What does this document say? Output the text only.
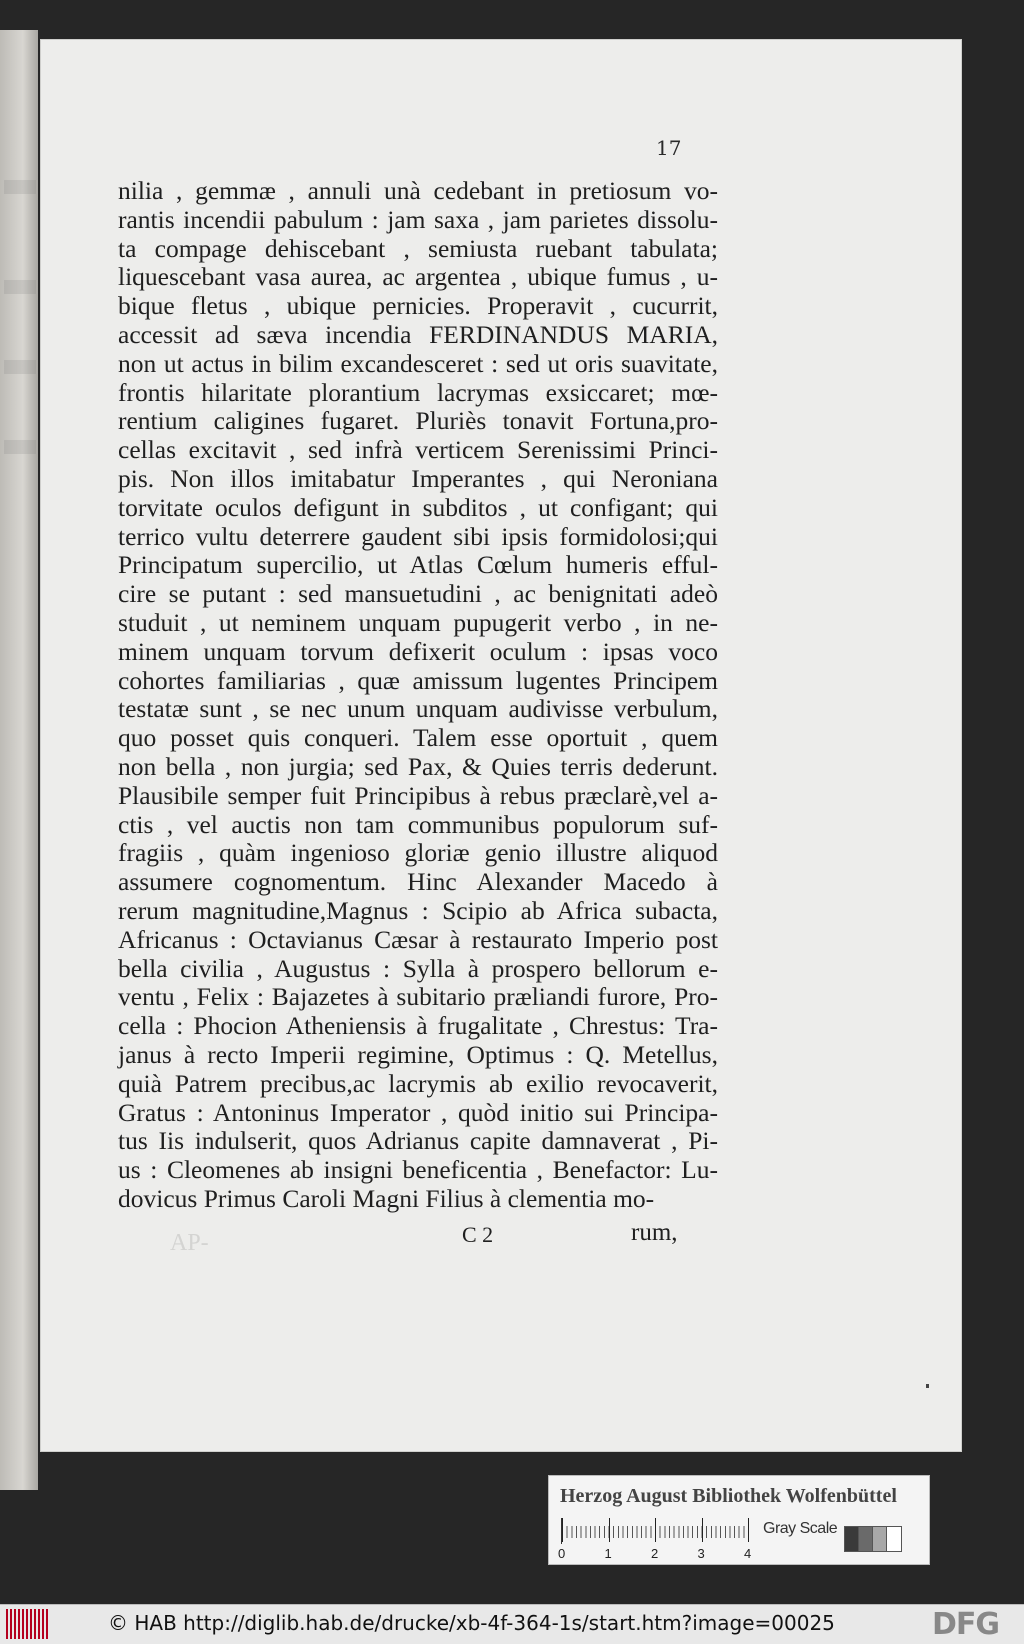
17
nilia , gemmæ , annuli unà cedebant in pretiosum vo-
rantis incendii pabulum : jam saxa , jam parietes dissolu-
ta compage dehiscebant , semiusta ruebant tabulata;
liquescebant vasa aurea, ac argentea , ubique fumus , u-
bique fletus , ubique pernicies. Properavit , cucurrit,
accessit ad sæva incendia FERDINANDUS MARIA,
non ut actus in bilim excandesceret : sed ut oris suavitate,
frontis hilaritate plorantium lacrymas exsiccaret; mœ-
rentium caligines fugaret. Pluriès tonavit Fortuna,pro-
cellas excitavit , sed infrà verticem Serenissimi Princi-
pis. Non illos imitabatur Imperantes , qui Neroniana
torvitate oculos defigunt in subditos , ut configant; qui
terrico vultu deterrere gaudent sibi ipsis formidolosi;qui
Principatum supercilio, ut Atlas Cœlum humeris efful-
cire se putant : sed mansuetudini , ac benignitati adeò
studuit , ut neminem unquam pupugerit verbo , in ne-
minem unquam torvum defixerit oculum : ipsas voco
cohortes familiarias , quæ amissum lugentes Principem
testatæ sunt , se nec unum unquam audivisse verbulum,
quo posset quis conqueri. Talem esse oportuit , quem
non bella , non jurgia; sed Pax, & Quies terris dederunt.
Plausibile semper fuit Principibus à rebus præclarè,vel a-
ctis , vel auctis non tam communibus populorum suf-
fragiis , quàm ingenioso gloriæ genio illustre aliquod
assumere cognomentum. Hinc Alexander Macedo à
rerum magnitudine,Magnus : Scipio ab Africa subacta,
Africanus : Octavianus Cæsar à restaurato Imperio post
bella civilia , Augustus : Sylla à prospero bellorum e-
ventu , Felix : Bajazetes à subitario præliandi furore, Pro-
cella : Phocion Atheniensis à frugalitate , Chrestus: Tra-
janus à recto Imperii regimine, Optimus : Q. Metellus,
quià Patrem precibus,ac lacrymis ab exilio revocaverit,
Gratus : Antoninus Imperator , quòd initio sui Principa-
tus Iis indulserit, quos Adrianus capite damnaverat , Pi-
us : Cleomenes ab insigni beneficentia , Benefactor: Lu-
dovicus Primus Caroli Magni Filius à clementia mo-
AP-	C 2	rum,
Herzog August Bibliothek Wolfenbüttel
Gray Scale
0	1	2	3	4
© HAB http://diglib.hab.de/drucke/xb-4f-364-1s/start.htm?image=00025	DFG
